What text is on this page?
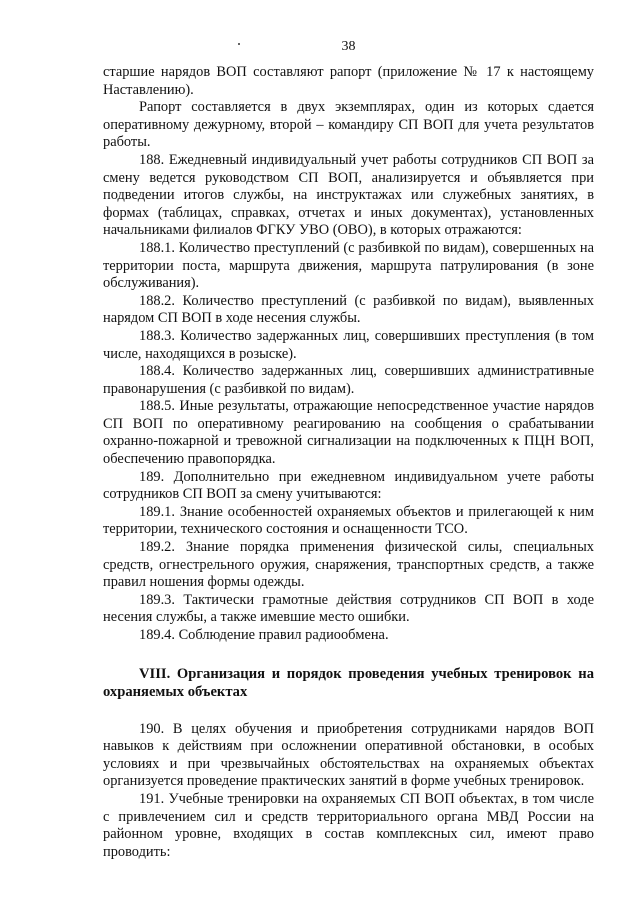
38

старшие нарядов ВОП составляют рапорт (приложение № 17 к настоящему Наставлению).

Рапорт составляется в двух экземплярах, один из которых сдается оперативному дежурному, второй – командиру СП ВОП для учета результатов работы.

188. Ежедневный индивидуальный учет работы сотрудников СП ВОП за смену ведется руководством СП ВОП, анализируется и объявляется при подведении итогов службы, на инструктажах или служебных занятиях, в формах (таблицах, справках, отчетах и иных документах), установленных начальниками филиалов ФГКУ УВО (ОВО), в которых отражаются:

188.1. Количество преступлений (с разбивкой по видам), совершенных на территории поста, маршрута движения, маршрута патрулирования (в зоне обслуживания).

188.2. Количество преступлений (с разбивкой по видам), выявленных нарядом СП ВОП в ходе несения службы.

188.3. Количество задержанных лиц, совершивших преступления (в том числе, находящихся в розыске).

188.4. Количество задержанных лиц, совершивших административные правонарушения (с разбивкой по видам).

188.5. Иные результаты, отражающие непосредственное участие нарядов СП ВОП по оперативному реагированию на сообщения о срабатывании охранно-пожарной и тревожной сигнализации на подключенных к ПЦН ВОП, обеспечению правопорядка.

189. Дополнительно при ежедневном индивидуальном учете работы сотрудников СП ВОП за смену учитываются:

189.1. Знание особенностей охраняемых объектов и прилегающей к ним территории, технического состояния и оснащенности ТСО.

189.2. Знание порядка применения физической силы, специальных средств, огнестрельного оружия, снаряжения, транспортных средств, а также правил ношения формы одежды.

189.3. Тактически грамотные действия сотрудников СП ВОП в ходе несения службы, а также имевшие место ошибки.

189.4. Соблюдение правил радиообмена.

VIII. Организация и порядок проведения учебных тренировок на охраняемых объектах

190. В целях обучения и приобретения сотрудниками нарядов ВОП навыков к действиям при осложнении оперативной обстановки, в особых условиях и при чрезвычайных обстоятельствах на охраняемых объектах организуется проведение практических занятий в форме учебных тренировок.

191. Учебные тренировки на охраняемых СП ВОП объектах, в том числе с привлечением сил и средств территориального органа МВД России на районном уровне, входящих в состав комплексных сил, имеют право проводить:
